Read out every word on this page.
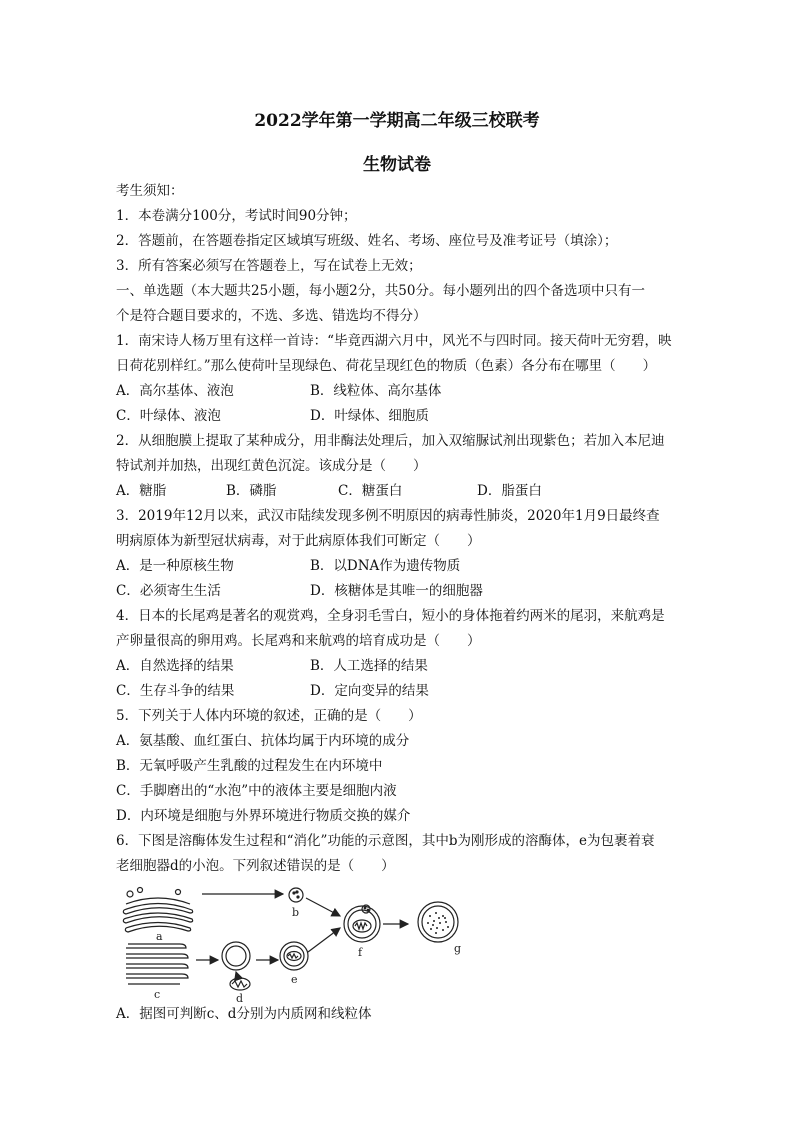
2022学年第一学期高二年级三校联考
生物试卷
考生须知：
1．本卷满分100分，考试时间90分钟；
2．答题前，在答题卷指定区域填写班级、姓名、考场、座位号及准考证号（填涂）；
3．所有答案必须写在答题卷上，写在试卷上无效；
一、单选题（本大题共25小题，每小题2分，共50分。每小题列出的四个备选项中只有一
个是符合题目要求的，不选、多选、错选均不得分）
1．南宋诗人杨万里有这样一首诗：“毕竟西湖六月中，风光不与四时同。接天荷叶无穷碧，映
日荷花别样红。”那么使荷叶呈现绿色、荷花呈现红色的物质（色素）各分布在哪里（　　）
A．高尔基体、液泡	B．线粒体、高尔基体
C．叶绿体、液泡	D．叶绿体、细胞质
2．从细胞膜上提取了某种成分，用非酶法处理后，加入双缩脲试剂出现紫色；若加入本尼迪
特试剂并加热，出现红黄色沉淀。该成分是（　　）
A．糖脂	B．磷脂	C．糖蛋白	D．脂蛋白
3．2019年12月以来，武汉市陆续发现多例不明原因的病毒性肺炎，2020年1月9日最终查
明病原体为新型冠状病毒，对于此病原体我们可断定（　　）
A．是一种原核生物	B．以DNA作为遗传物质
C．必须寄生生活	D．核糖体是其唯一的细胞器
4．日本的长尾鸡是著名的观赏鸡，全身羽毛雪白，短小的身体拖着约两米的尾羽，来航鸡是
产卵量很高的卵用鸡。长尾鸡和来航鸡的培育成功是（　　）
A．自然选择的结果	B．人工选择的结果
C．生存斗争的结果	D．定向变异的结果
5．下列关于人体内环境的叙述，正确的是（　　）
A．氨基酸、血红蛋白、抗体均属于内环境的成分
B．无氧呼吸产生乳酸的过程发生在内环境中
C．手脚磨出的“水泡”中的液体主要是细胞内液
D．内环境是细胞与外界环境进行物质交换的媒介
6．下图是溶酶体发生过程和“消化”功能的示意图，其中b为刚形成的溶酶体，e为包裹着衰
老细胞器d的小泡。下列叙述错误的是（　　）
a
b
c	d
e
f	g
A．据图可判断c、d分别为内质网和线粒体
